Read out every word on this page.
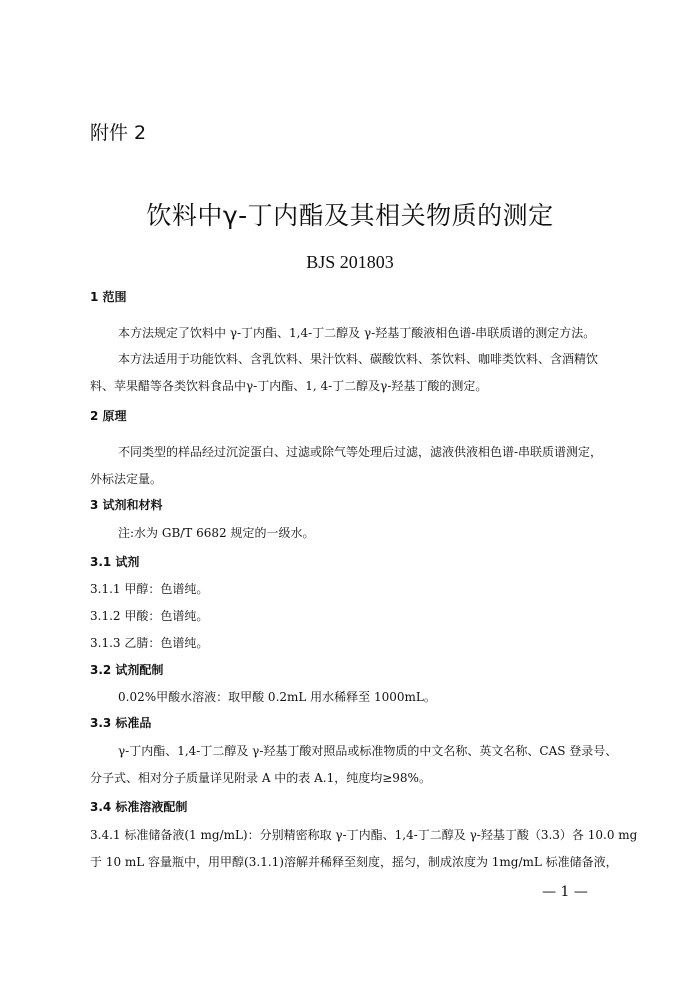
附件 2
饮料中γ-丁内酯及其相关物质的测定
BJS 201803
1 范围
本方法规定了饮料中 γ-丁内酯、1,4-丁二醇及 γ-羟基丁酸液相色谱-串联质谱的测定方法。
本方法适用于功能饮料、含乳饮料、果汁饮料、碳酸饮料、茶饮料、咖啡类饮料、含酒精饮
料、苹果醋等各类饮料食品中γ-丁内酯、1, 4-丁二醇及γ-羟基丁酸的测定。
2 原理
不同类型的样品经过沉淀蛋白、过滤或除气等处理后过滤，滤液供液相色谱-串联质谱测定，
外标法定量。
3 试剂和材料
注:水为 GB/T 6682 规定的一级水。
3.1 试剂
3.1.1 甲醇：色谱纯。
3.1.2 甲酸：色谱纯。
3.1.3 乙腈：色谱纯。
3.2 试剂配制
0.02%甲酸水溶液：取甲酸 0.2mL 用水稀释至 1000mL。
3.3 标准品
γ-丁内酯、1,4-丁二醇及 γ-羟基丁酸对照品或标准物质的中文名称、英文名称、CAS 登录号、
分子式、相对分子质量详见附录 A 中的表 A.1，纯度均≥98%。
3.4 标准溶液配制
3.4.1 标准储备液(1 mg/mL)：分别精密称取 γ-丁内酯、1,4-丁二醇及 γ-羟基丁酸（3.3）各 10.0 mg
于 10 mL 容量瓶中，用甲醇(3.1.1)溶解并稀释至刻度，摇匀，制成浓度为 1mg/mL 标准储备液，
— 1 —
